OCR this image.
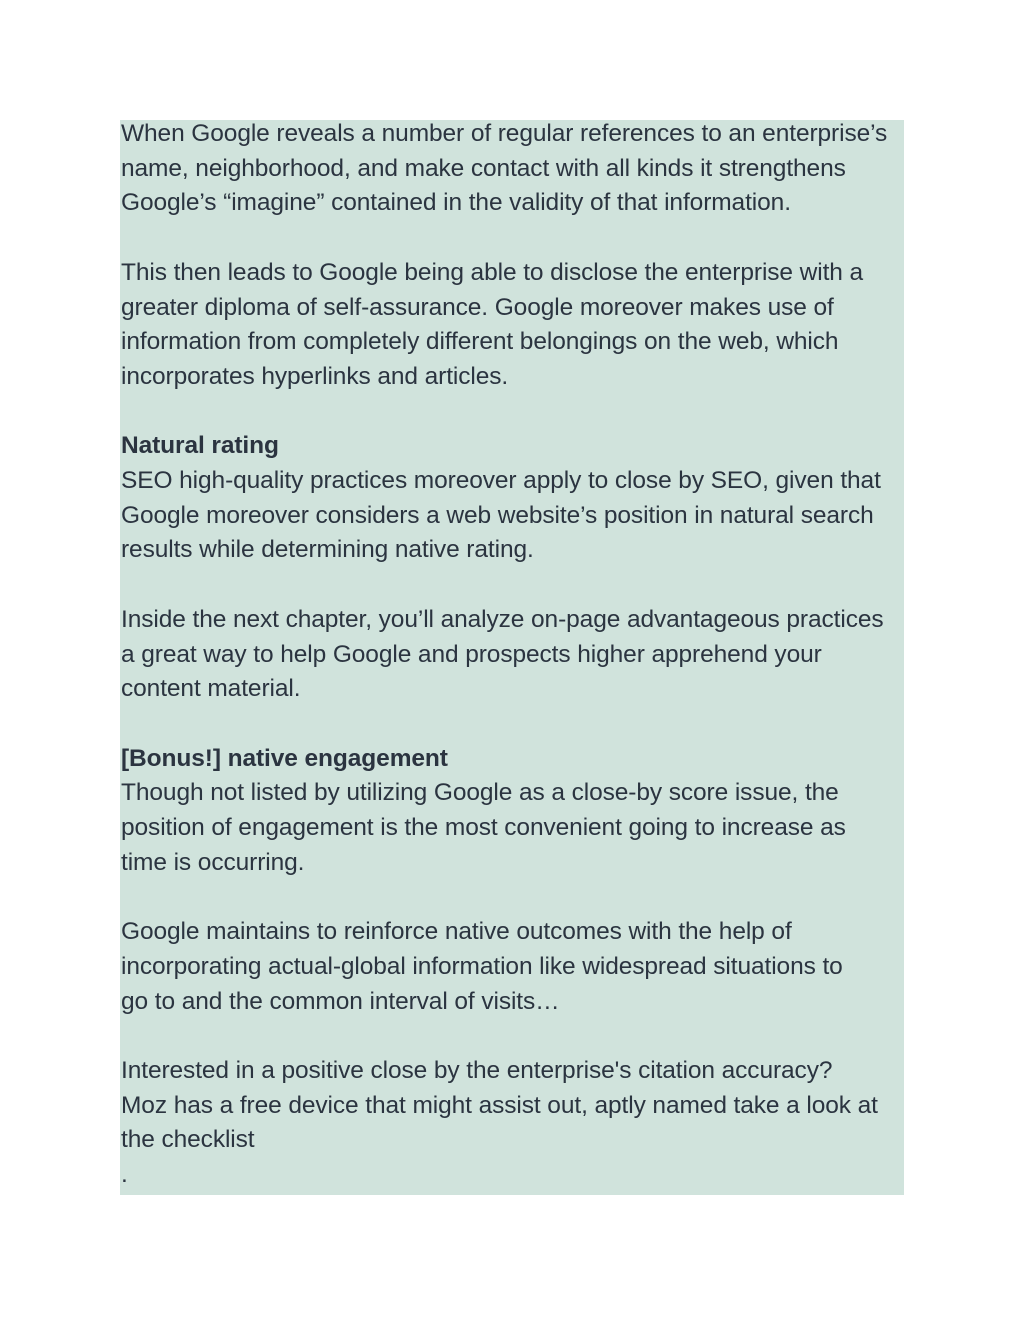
When Google reveals a number of regular references to an enterprise’s
name, neighborhood, and make contact with all kinds it strengthens
Google’s “imagine” contained in the validity of that information.

This then leads to Google being able to disclose the enterprise with a
greater diploma of self-assurance. Google moreover makes use of
information from completely different belongings on the web, which
incorporates hyperlinks and articles.

Natural rating
SEO high-quality practices moreover apply to close by SEO, given that
Google moreover considers a web website’s position in natural search
results while determining native rating.

Inside the next chapter, you’ll analyze on-page advantageous practices
a great way to help Google and prospects higher apprehend your
content material.

[Bonus!] native engagement
Though not listed by utilizing Google as a close-by score issue, the
position of engagement is the most convenient going to increase as
time is occurring.

Google maintains to reinforce native outcomes with the help of
incorporating actual-global information like widespread situations to
go to and the common interval of visits…

Interested in a positive close by the enterprise's citation accuracy?
Moz has a free device that might assist out, aptly named take a look at
the checklist
.
